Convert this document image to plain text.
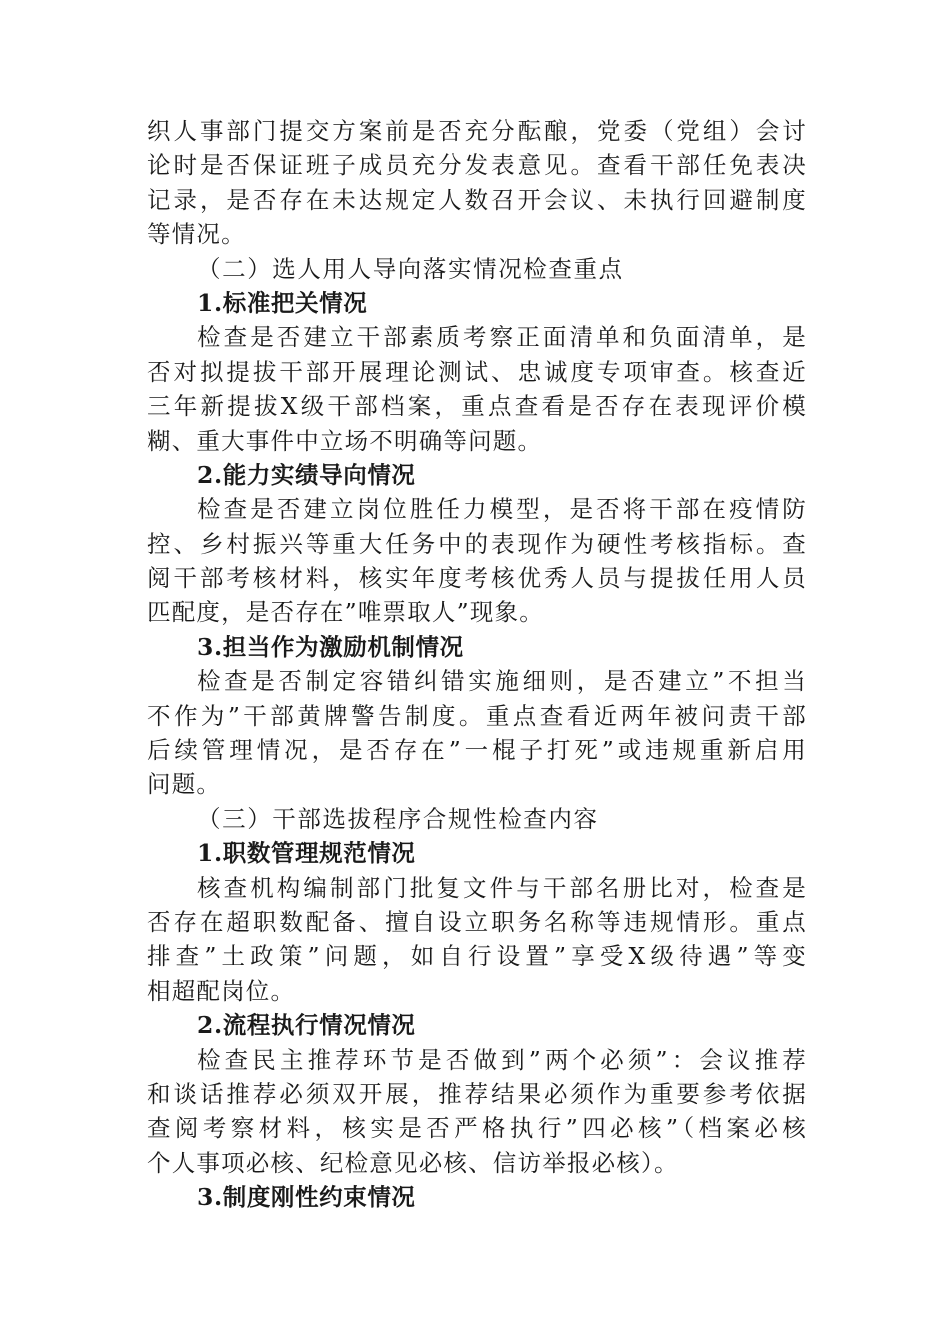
织人事部门提交方案前是否充分酝酿，党委（党组）会讨
论时是否保证班子成员充分发表意见。查看干部任免表决
记录，是否存在未达规定人数召开会议、未执行回避制度
等情况。
（二）选人用人导向落实情况检查重点
1.标准把关情况
检查是否建立干部素质考察正面清单和负面清单，是
否对拟提拔干部开展理论测试、忠诚度专项审查。核查近
三年新提拔X级干部档案，重点查看是否存在表现评价模
糊、重大事件中立场不明确等问题。
2.能力实绩导向情况
检查是否建立岗位胜任力模型，是否将干部在疫情防
控、乡村振兴等重大任务中的表现作为硬性考核指标。查
阅干部考核材料，核实年度考核优秀人员与提拔任用人员
匹配度，是否存在”唯票取人”现象。
3.担当作为激励机制情况
检查是否制定容错纠错实施细则，是否建立”不担当
不作为”干部黄牌警告制度。重点查看近两年被问责干部
后续管理情况，是否存在”一棍子打死”或违规重新启用
问题。
（三）干部选拔程序合规性检查内容
1.职数管理规范情况
核查机构编制部门批复文件与干部名册比对，检查是
否存在超职数配备、擅自设立职务名称等违规情形。重点
排查”土政策”问题，如自行设置”享受X级待遇”等变
相超配岗位。
2.流程执行情况情况
检查民主推荐环节是否做到”两个必须”：会议推荐
和谈话推荐必须双开展，推荐结果必须作为重要参考依据
查阅考察材料，核实是否严格执行”四必核”（档案必核
个人事项必核、纪检意见必核、信访举报必核）。
3.制度刚性约束情况
